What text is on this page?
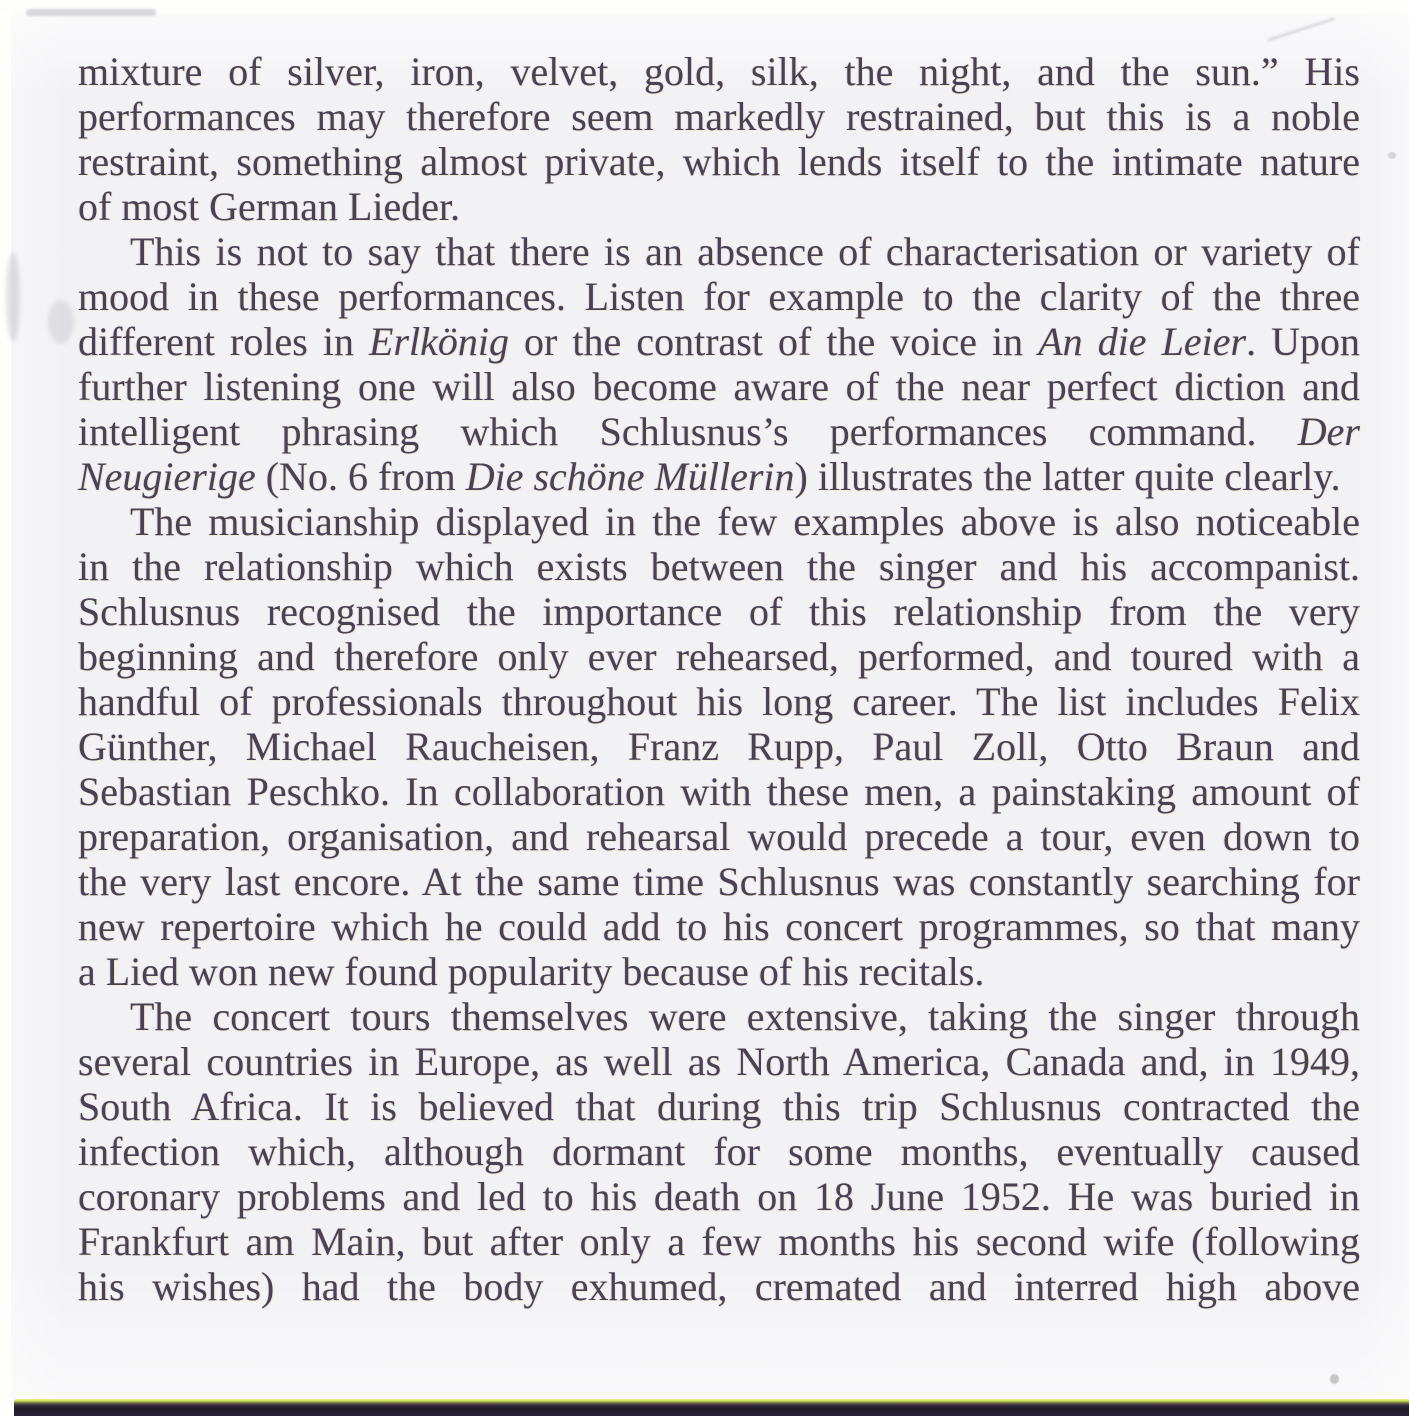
mixture of silver, iron, velvet, gold, silk, the night, and the sun.” His
performances may therefore seem markedly restrained, but this is a noble
restraint, something almost private, which lends itself to the intimate nature
of most German Lieder.
This is not to say that there is an absence of characterisation or variety of
mood in these performances. Listen for example to the clarity of the three
different roles in Erlkönig or the contrast of the voice in An die Leier. Upon
further listening one will also become aware of the near perfect diction and
intelligent phrasing which Schlusnus’s performances command. Der
Neugierige (No. 6 from Die schöne Müllerin) illustrates the latter quite clearly.
The musicianship displayed in the few examples above is also noticeable
in the relationship which exists between the singer and his accompanist.
Schlusnus recognised the importance of this relationship from the very
beginning and therefore only ever rehearsed, performed, and toured with a
handful of professionals throughout his long career. The list includes Felix
Günther, Michael Raucheisen, Franz Rupp, Paul Zoll, Otto Braun and
Sebastian Peschko. In collaboration with these men, a painstaking amount of
preparation, organisation, and rehearsal would precede a tour, even down to
the very last encore. At the same time Schlusnus was constantly searching for
new repertoire which he could add to his concert programmes, so that many
a Lied won new found popularity because of his recitals.
The concert tours themselves were extensive, taking the singer through
several countries in Europe, as well as North America, Canada and, in 1949,
South Africa. It is believed that during this trip Schlusnus contracted the
infection which, although dormant for some months, eventually caused
coronary problems and led to his death on 18 June 1952. He was buried in
Frankfurt am Main, but after only a few months his second wife (following
his wishes) had the body exhumed, cremated and interred high above
